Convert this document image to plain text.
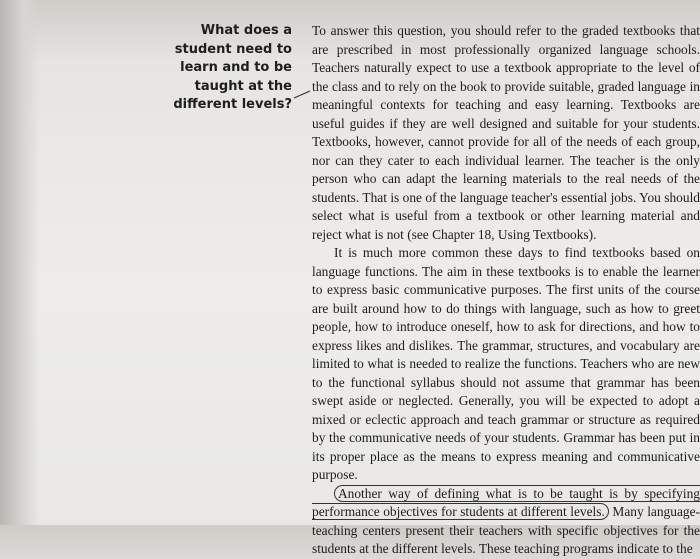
What does a student need to learn and to be taught at the different levels?

To answer this question, you should refer to the graded textbooks that are prescribed in most professionally organized language schools. Teachers naturally expect to use a textbook appropriate to the level of the class and to rely on the book to provide suitable, graded language in meaningful contexts for teaching and easy learning. Textbooks are useful guides if they are well designed and suitable for your students. Textbooks, however, cannot provide for all of the needs of each group, nor can they cater to each individual learner. The teacher is the only person who can adapt the learning materials to the real needs of the students. That is one of the language teacher's essential jobs. You should select what is useful from a textbook or other learning material and reject what is not (see Chapter 18, Using Textbooks).

It is much more common these days to find textbooks based on language functions. The aim in these textbooks is to enable the learner to express basic communicative purposes. The first units of the course are built around how to do things with language, such as how to greet people, how to introduce oneself, how to ask for directions, and how to express likes and dislikes. The grammar, structures, and vocabulary are limited to what is needed to realize the functions. Teachers who are new to the functional syllabus should not assume that grammar has been swept aside or neglected. Generally, you will be expected to adopt a mixed or eclectic approach and teach grammar or structure as required by the communicative needs of your students. Grammar has been put in its proper place as the means to express meaning and communicative purpose.

Another way of defining what is to be taught is by specifying performance objectives for students at different levels. Many language-teaching centers present their teachers with specific objectives for the students at the different levels. These teaching programs indicate to the
